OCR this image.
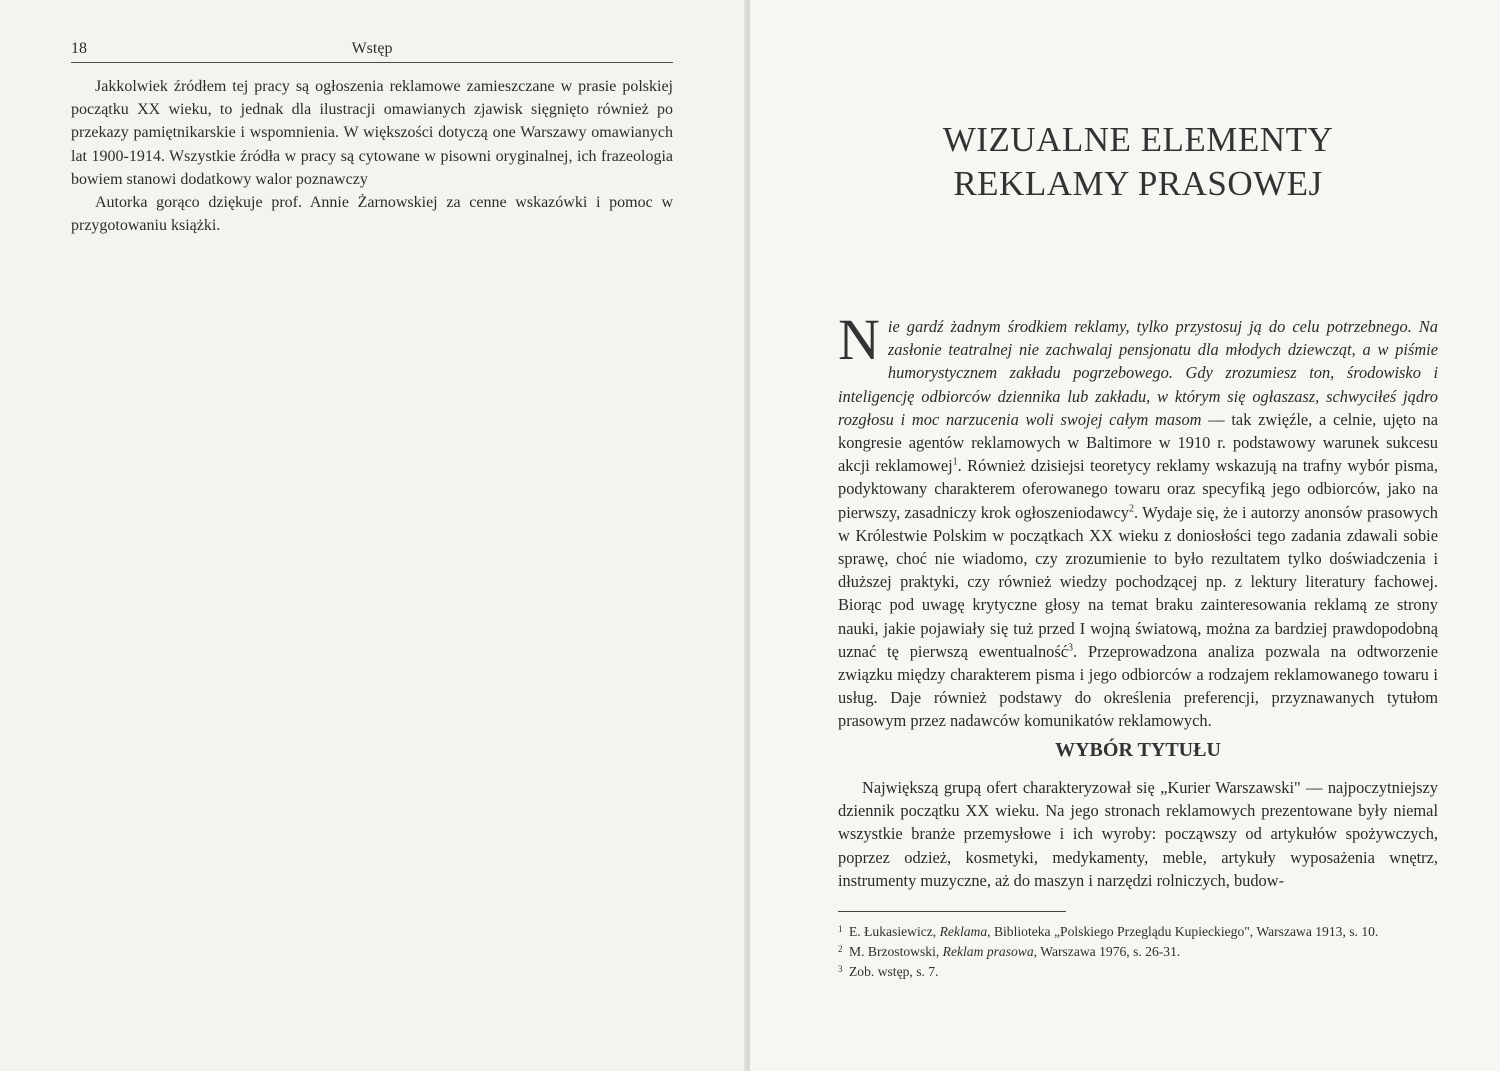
18	Wstęp

Jakkolwiek źródłem tej pracy są ogłoszenia reklamowe zamieszczane w prasie polskiej początku XX wieku, to jednak dla ilustracji omawianych zjawisk sięgnięto również po przekazy pamiętnikarskie i wspomnienia. W większości dotyczą one Warszawy omawianych lat 1900-1914. Wszystkie źródła w pracy są cytowane w pisowni oryginalnej, ich frazeologia bowiem stanowi dodatkowy walor poznawczy

Autorka gorąco dziękuje prof. Annie Żarnowskiej za cenne wskazówki i pomoc w przygotowaniu książki.

WIZUALNE ELEMENTY
REKLAMY PRASOWEJ

Nie gardź żadnym środkiem reklamy, tylko przystosuj ją do celu potrzebnego. Na zasłonie teatralnej nie zachwalaj pensjonatu dla młodych dziewcząt, a w piśmie humorystycznem zakładu pogrzebowego. Gdy zrozumiesz ton, środowisko i inteligencję odbiorców dziennika lub zakładu, w którym się ogłaszasz, schwyciłeś jądro rozgłosu i moc narzucenia woli swojej całym masom — tak zwięźle, a celnie, ujęto na kongresie agentów reklamowych w Baltimore w 1910 r. podstawowy warunek sukcesu akcji reklamowej$^1$. Również dzisiejsi teoretycy reklamy wskazują na trafny wybór pisma, podyktowany charakterem oferowanego towaru oraz specyfiką jego odbiorców, jako na pierwszy, zasadniczy krok ogłoszeniodawcy$^2$. Wydaje się, że i autorzy anonsów prasowych w Królestwie Polskim w początkach XX wieku z doniosłości tego zadania zdawali sobie sprawę, choć nie wiadomo, czy zrozumienie to było rezultatem tylko doświadczenia i dłuższej praktyki, czy również wiedzy pochodzącej np. z lektury literatury fachowej. Biorąc pod uwagę krytyczne głosy na temat braku zainteresowania reklamą ze strony nauki, jakie pojawiały się tuż przed I wojną światową, można za bardziej prawdopodobną uznać tę pierwszą ewentualność$^3$. Przeprowadzona analiza pozwala na odtworzenie związku między charakterem pisma i jego odbiorców a rodzajem reklamowanego towaru i usług. Daje również podstawy do określenia preferencji, przyznawanych tytułom prasowym przez nadawców komunikatów reklamowych.

WYBÓR TYTUŁU

Największą grupą ofert charakteryzował się „Kurier Warszawski" — najpoczytniejszy dziennik początku XX wieku. Na jego stronach reklamowych prezentowane były niemal wszystkie branże przemysłowe i ich wyroby: począwszy od artykułów spożywczych, poprzez odzież, kosmetyki, medykamenty, meble, artykuły wyposażenia wnętrz, instrumenty muzyczne, aż do maszyn i narzędzi rolniczych, budow-

1 E. Łukasiewicz, Reklama, Biblioteka „Polskiego Przeglądu Kupieckiego", Warszawa 1913, s. 10.
2 M. Brzostowski, Reklam prasowa, Warszawa 1976, s. 26-31.
3 Zob. wstęp, s. 7.
